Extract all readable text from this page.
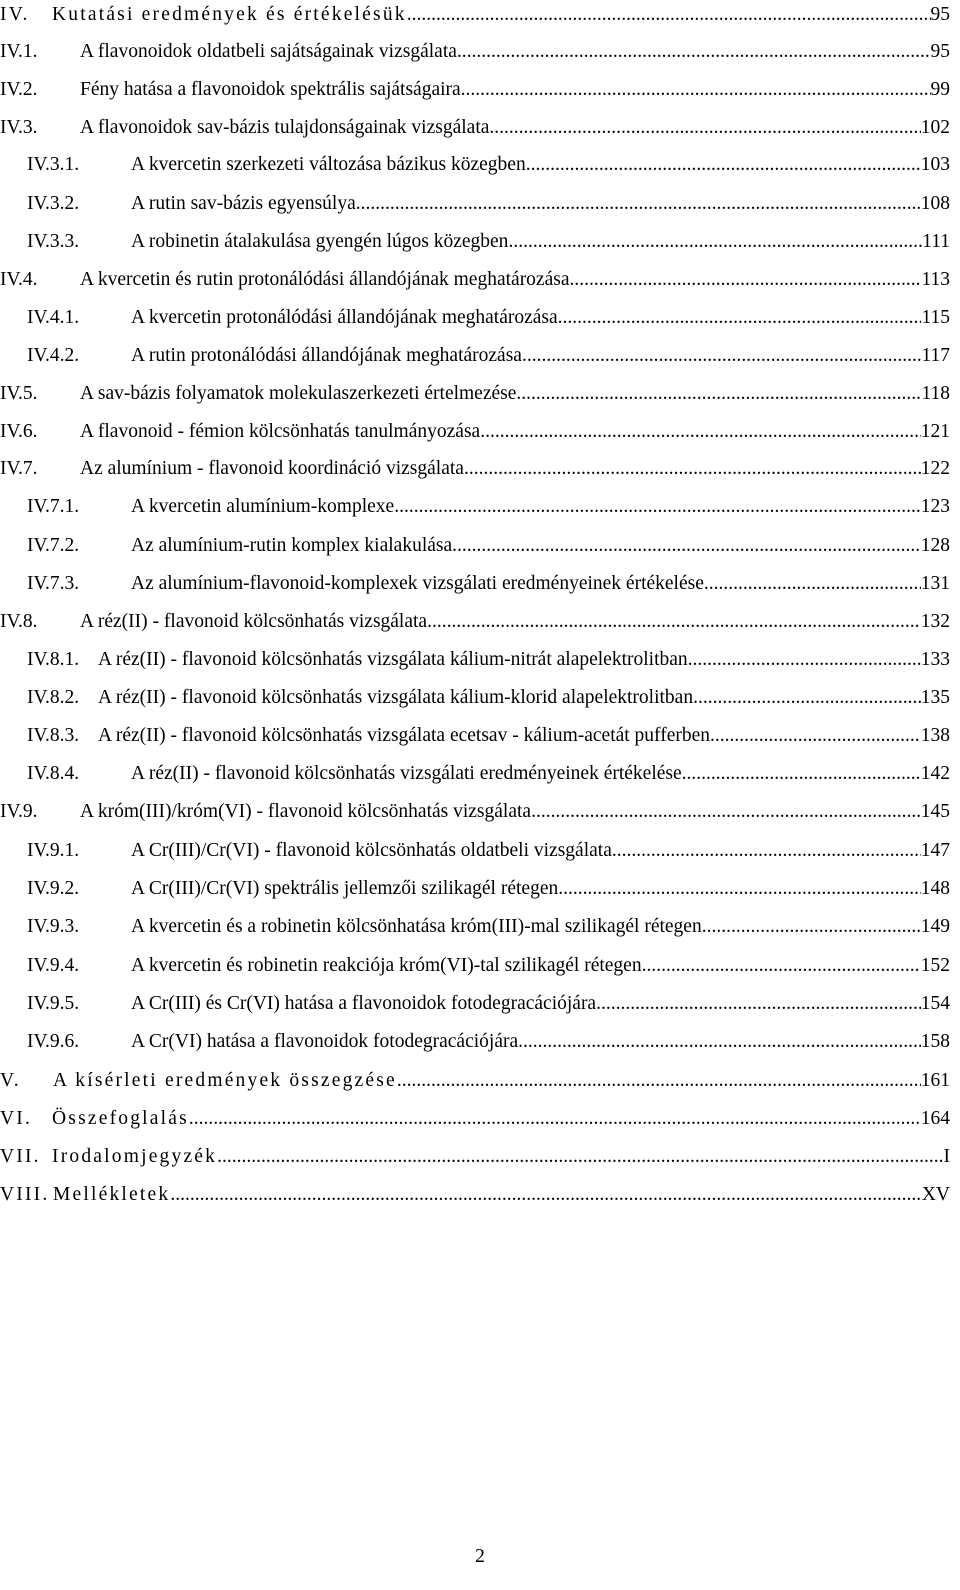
IV. Kutatási eredmények és értékelésük .....	95
IV.1. A flavonoidok oldatbeli sajátságainak vizsgálata .....	95
IV.2. Fény hatása a flavonoidok spektrális sajátságaira .....	99
IV.3. A flavonoidok sav-bázis tulajdonságainak vizsgálata .....	102
IV.3.1.	A kvercetin szerkezeti változása bázikus közegben .....	103
IV.3.2.	A rutin sav-bázis egyensúlya .....	108
IV.3.3.	A robinetin átalakulása gyengén lúgos közegben .....	111
IV.4. A kvercetin és rutin protonálódási állandójának meghatározása .....	113
IV.4.1.	A kvercetin protonálódási állandójának meghatározása .....	115
IV.4.2.	A rutin protonálódási állandójának meghatározása .....	117
IV.5. A sav-bázis folyamatok molekulaszerkezeti értelmezése .....	118
IV.6. A flavonoid - fémion kölcsönhatás tanulmányozása .....	121
IV.7. Az alumínium - flavonoid koordináció vizsgálata .....	122
IV.7.1.	A kvercetin alumínium-komplexe .....	123
IV.7.2.	Az alumínium-rutin komplex kialakulása .....	128
IV.7.3.	Az alumínium-flavonoid-komplexek vizsgálati eredményeinek értékelése .....	131
IV.8. A réz(II) - flavonoid kölcsönhatás vizsgálata .....	132
IV.8.1. A réz(II) - flavonoid kölcsönhatás vizsgálata kálium-nitrát alapelektrolitban .....	133
IV.8.2. A réz(II) - flavonoid kölcsönhatás vizsgálata kálium-klorid alapelektrolitban .....	135
IV.8.3. A réz(II) - flavonoid kölcsönhatás vizsgálata ecetsav - kálium-acetát pufferben .....	138
IV.8.4.	A réz(II) - flavonoid kölcsönhatás vizsgálati eredményeinek értékelése .....	142
IV.9. A króm(III)/króm(VI) - flavonoid kölcsönhatás vizsgálata .....	145
IV.9.1.	A Cr(III)/Cr(VI) - flavonoid kölcsönhatás oldatbeli vizsgálata .....	147
IV.9.2.	A Cr(III)/Cr(VI) spektrális jellemzői szilikagél rétegen .....	148
IV.9.3.	A kvercetin és a robinetin kölcsönhatása króm(III)-mal szilikagél rétegen .....	149
IV.9.4.	A kvercetin és robinetin reakciója króm(VI)-tal szilikagél rétegen .....	152
IV.9.5.	A Cr(III) és Cr(VI) hatása a flavonoidok fotodegracációjára .....	154
IV.9.6.	A Cr(VI) hatása a flavonoidok fotodegracációjára .....	158
V. A kísérleti eredmények összegzése .....	161
VI. Összefoglalás .....	164
VII. Irodalomjegyzék .....	I
VIII. Mellékletek .....	XV
2
